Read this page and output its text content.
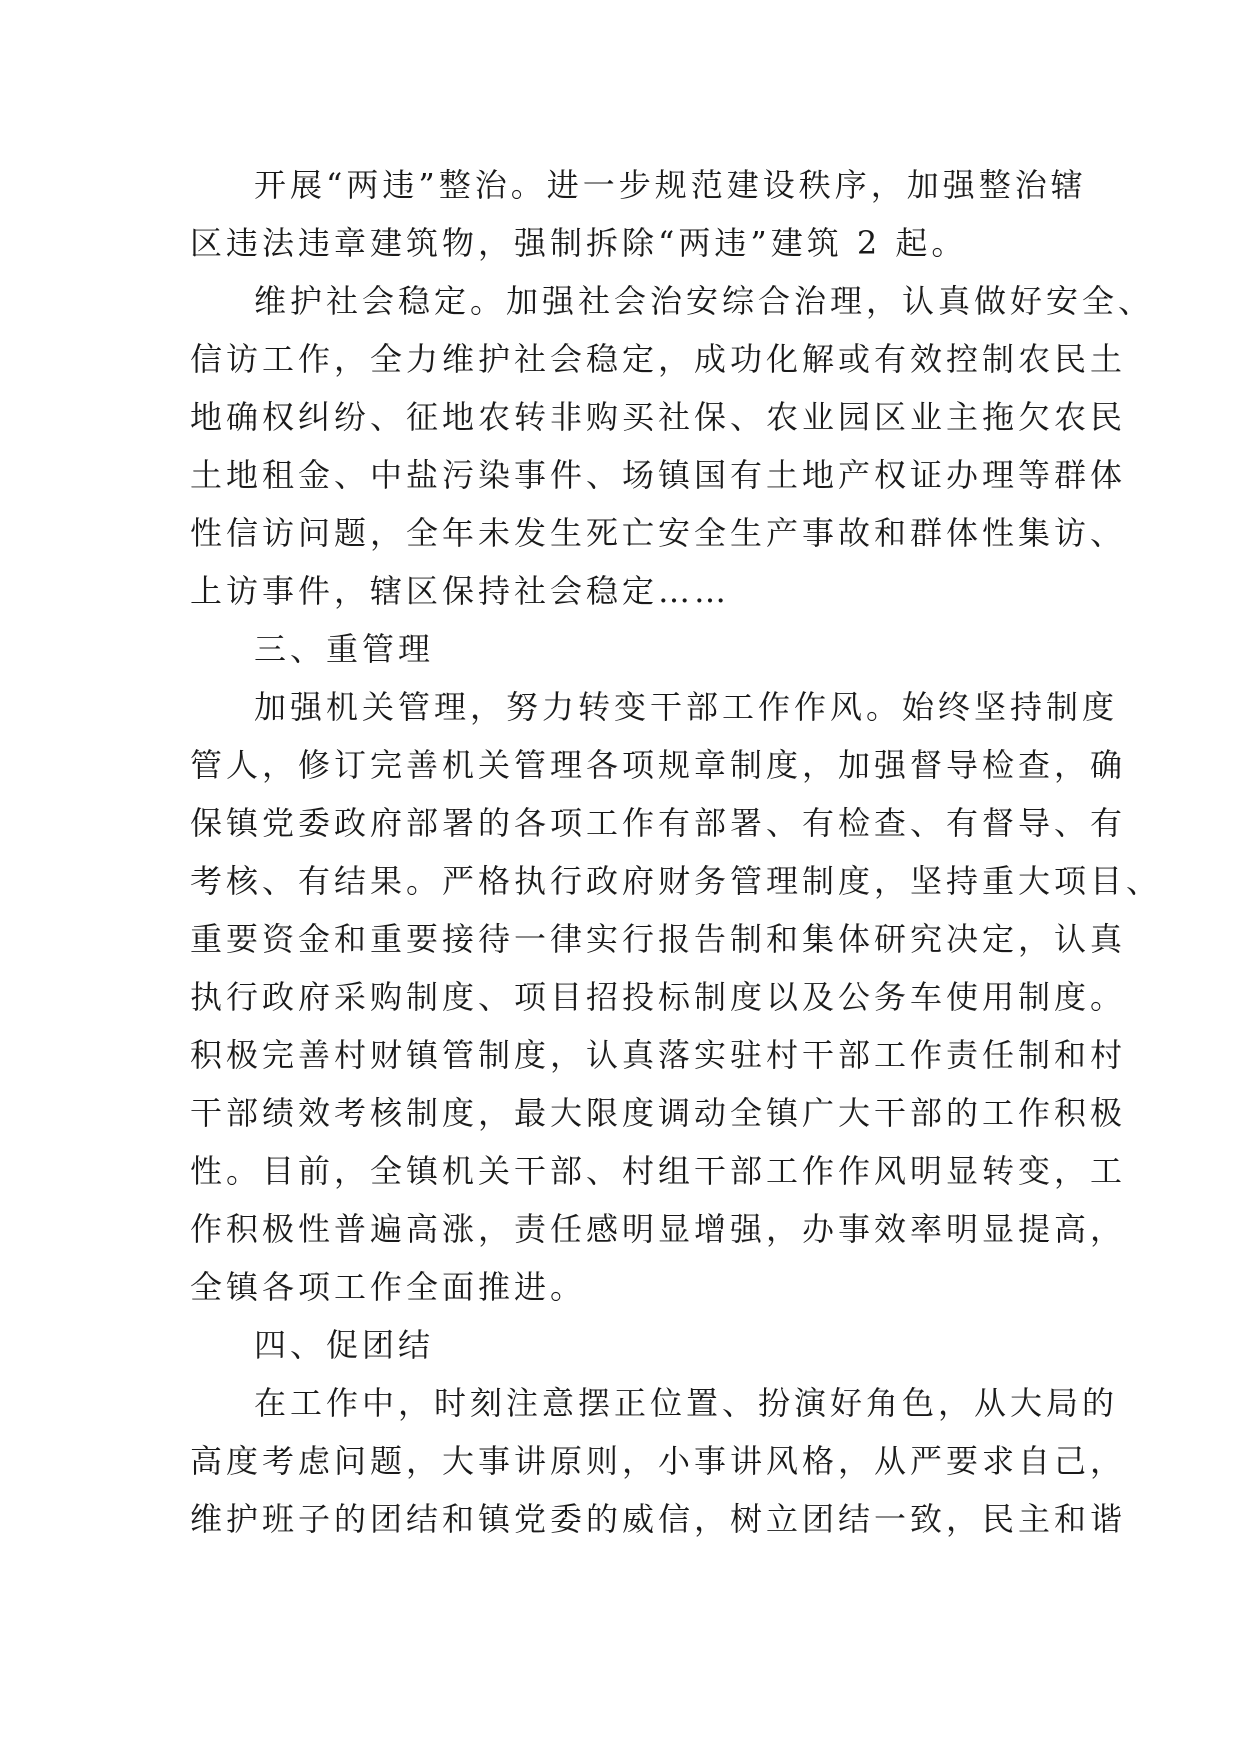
开展“两违”整治。进一步规范建设秩序，加强整治辖
区违法违章建筑物，强制拆除“两违”建筑 2 起。
维护社会稳定。加强社会治安综合治理，认真做好安全、
信访工作，全力维护社会稳定，成功化解或有效控制农民土
地确权纠纷、征地农转非购买社保、农业园区业主拖欠农民
土地租金、中盐污染事件、场镇国有土地产权证办理等群体
性信访问题，全年未发生死亡安全生产事故和群体性集访、
上访事件，辖区保持社会稳定……
三、重管理
加强机关管理，努力转变干部工作作风。始终坚持制度
管人，修订完善机关管理各项规章制度，加强督导检查，确
保镇党委政府部署的各项工作有部署、有检查、有督导、有
考核、有结果。严格执行政府财务管理制度，坚持重大项目、
重要资金和重要接待一律实行报告制和集体研究决定，认真
执行政府采购制度、项目招投标制度以及公务车使用制度。
积极完善村财镇管制度，认真落实驻村干部工作责任制和村
干部绩效考核制度，最大限度调动全镇广大干部的工作积极
性。目前，全镇机关干部、村组干部工作作风明显转变，工
作积极性普遍高涨，责任感明显增强，办事效率明显提高，
全镇各项工作全面推进。
四、促团结
在工作中，时刻注意摆正位置、扮演好角色，从大局的
高度考虑问题，大事讲原则，小事讲风格，从严要求自己，
维护班子的团结和镇党委的威信，树立团结一致，民主和谐
